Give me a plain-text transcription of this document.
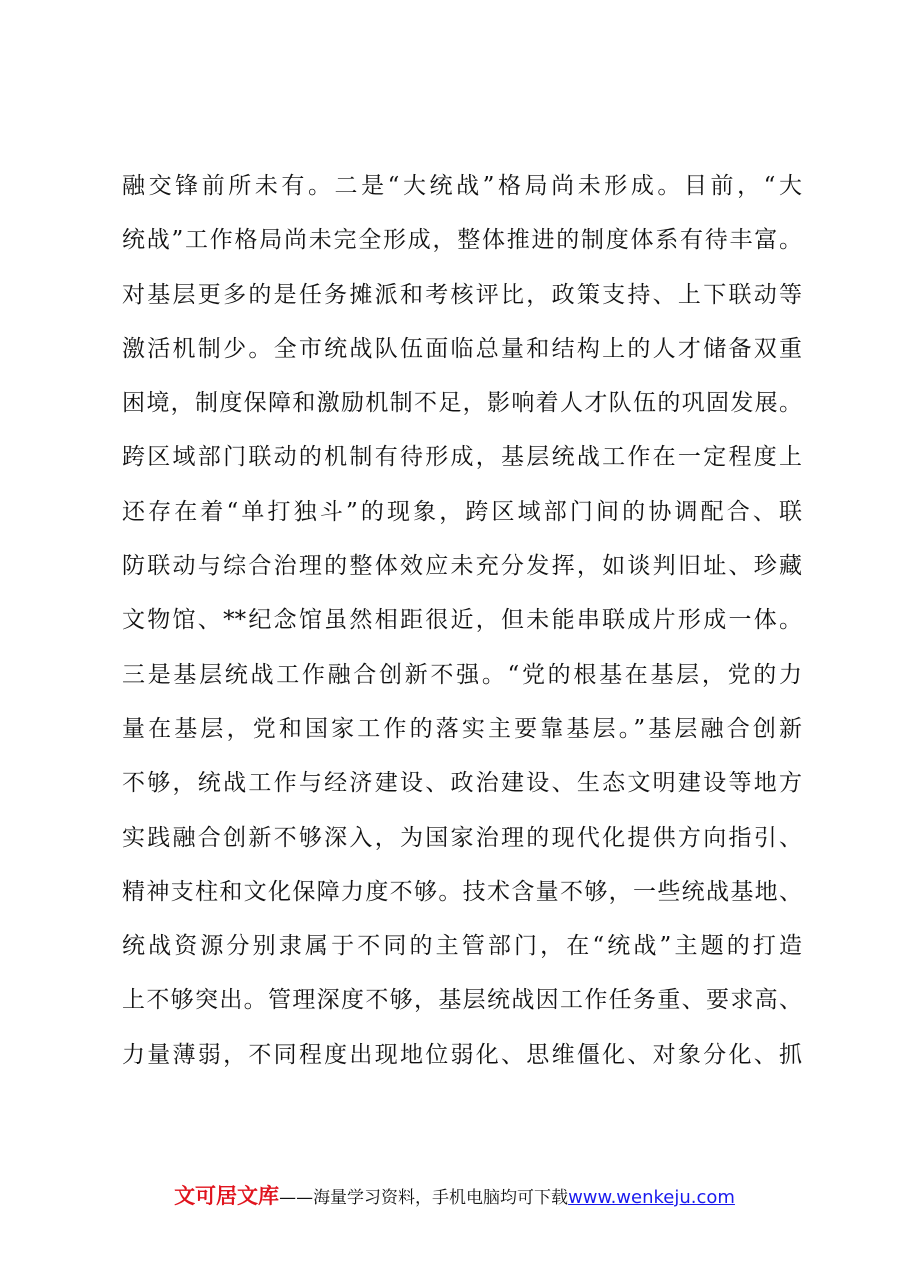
融交锋前所未有。二是“大统战”格局尚未形成。目前，“大
统战”工作格局尚未完全形成，整体推进的制度体系有待丰富。
对基层更多的是任务摊派和考核评比，政策支持、上下联动等
激活机制少。全市统战队伍面临总量和结构上的人才储备双重
困境，制度保障和激励机制不足，影响着人才队伍的巩固发展。
跨区域部门联动的机制有待形成，基层统战工作在一定程度上
还存在着“单打独斗”的现象，跨区域部门间的协调配合、联
防联动与综合治理的整体效应未充分发挥，如谈判旧址、珍藏
文物馆、**纪念馆虽然相距很近，但未能串联成片形成一体。
三是基层统战工作融合创新不强。“党的根基在基层，党的力
量在基层，党和国家工作的落实主要靠基层。”基层融合创新
不够，统战工作与经济建设、政治建设、生态文明建设等地方
实践融合创新不够深入，为国家治理的现代化提供方向指引、
精神支柱和文化保障力度不够。技术含量不够，一些统战基地、
统战资源分别隶属于不同的主管部门，在“统战”主题的打造
上不够突出。管理深度不够，基层统战因工作任务重、要求高、
力量薄弱，不同程度出现地位弱化、思维僵化、对象分化、抓
文可居文库——海量学习资料，手机电脑均可下载www.wenkeju.com
